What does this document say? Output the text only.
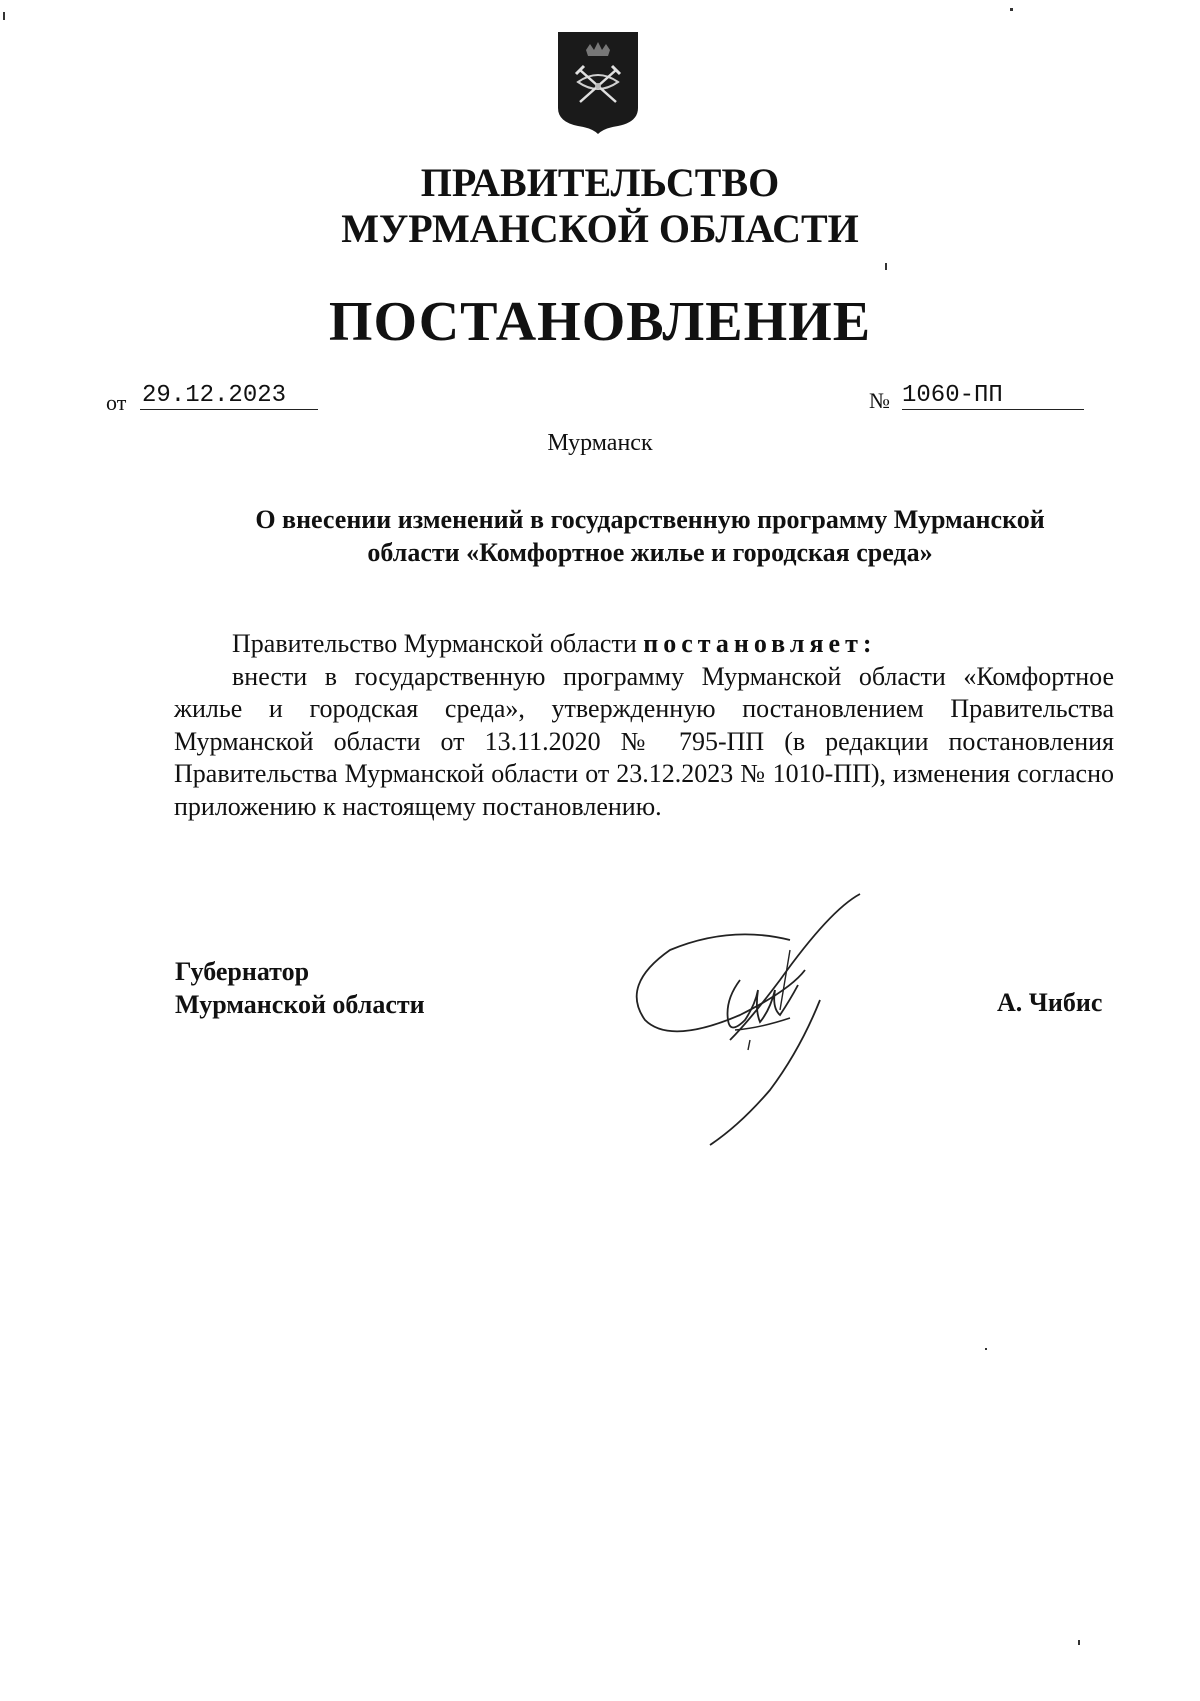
ПРАВИТЕЛЬСТВО
МУРМАНСКОЙ ОБЛАСТИ
ПОСТАНОВЛЕНИЕ
от 29.12.2023	№ 1060-ПП
Мурманск
О внесении изменений в государственную программу Мурманской
области «Комфортное жилье и городская среда»

Правительство Мурманской области постановляет:

внести в государственную программу Мурманской области «Комфортное жилье и городская среда», утвержденную постановлением Правительства Мурманской области от 13.11.2020 № 795-ПП (в редакции постановления Правительства Мурманской области от 23.12.2023 № 1010-ПП), изменения согласно приложению к настоящему постановлению.

Губернатор
Мурманской области	А. Чибис
